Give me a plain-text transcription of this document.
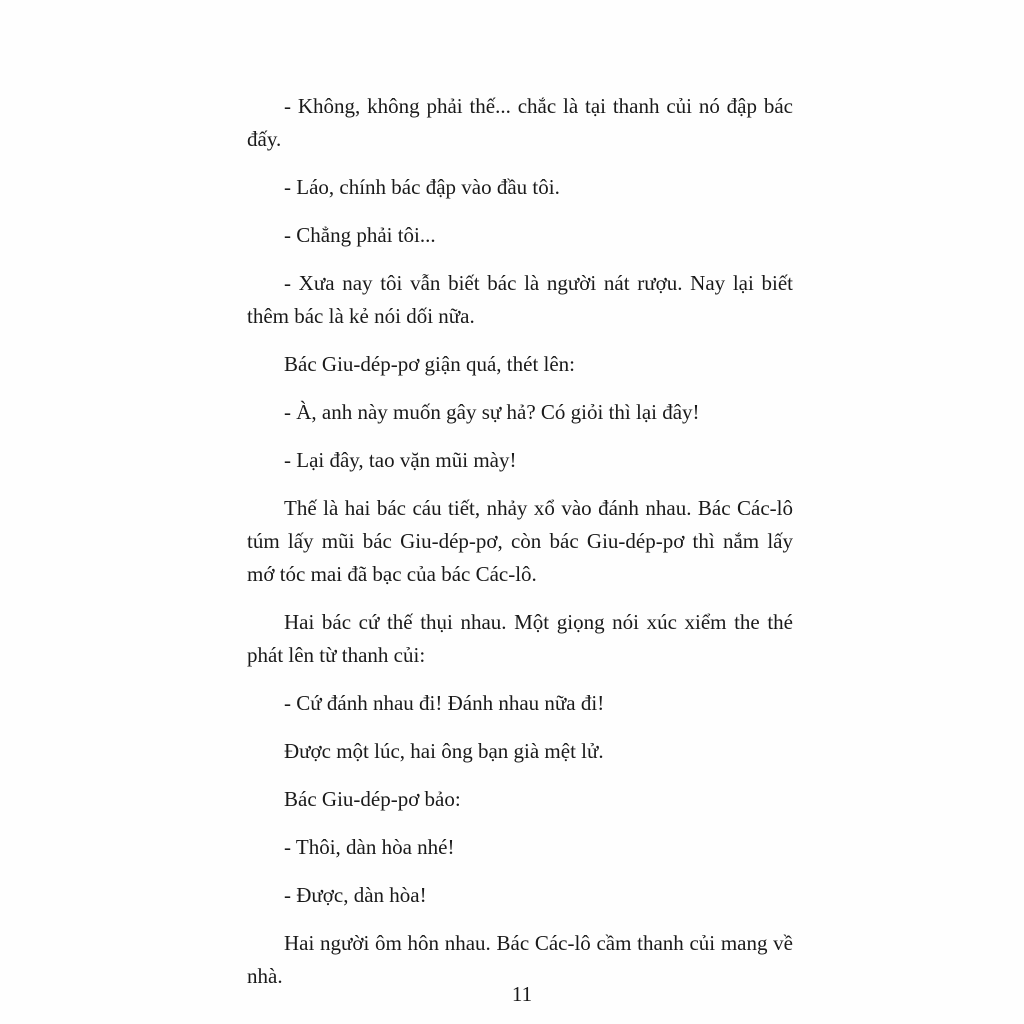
- Không, không phải thế... chắc là tại thanh củi nó đập bác đấy.

- Láo, chính bác đập vào đầu tôi.

- Chẳng phải tôi...

- Xưa nay tôi vẫn biết bác là người nát rượu. Nay lại biết thêm bác là kẻ nói dối nữa.

Bác Giu-dép-pơ giận quá, thét lên:

- À, anh này muốn gây sự hả? Có giỏi thì lại đây!

- Lại đây, tao vặn mũi mày!

Thế là hai bác cáu tiết, nhảy xổ vào đánh nhau. Bác Các-lô túm lấy mũi bác Giu-dép-pơ, còn bác Giu-dép-pơ thì nắm lấy mớ tóc mai đã bạc của bác Các-lô.

Hai bác cứ thế thụi nhau. Một giọng nói xúc xiểm the thé phát lên từ thanh củi:

- Cứ đánh nhau đi! Đánh nhau nữa đi!

Được một lúc, hai ông bạn già mệt lử.

Bác Giu-dép-pơ bảo:

- Thôi, dàn hòa nhé!

- Được, dàn hòa!

Hai người ôm hôn nhau. Bác Các-lô cầm thanh củi mang về nhà.

11
